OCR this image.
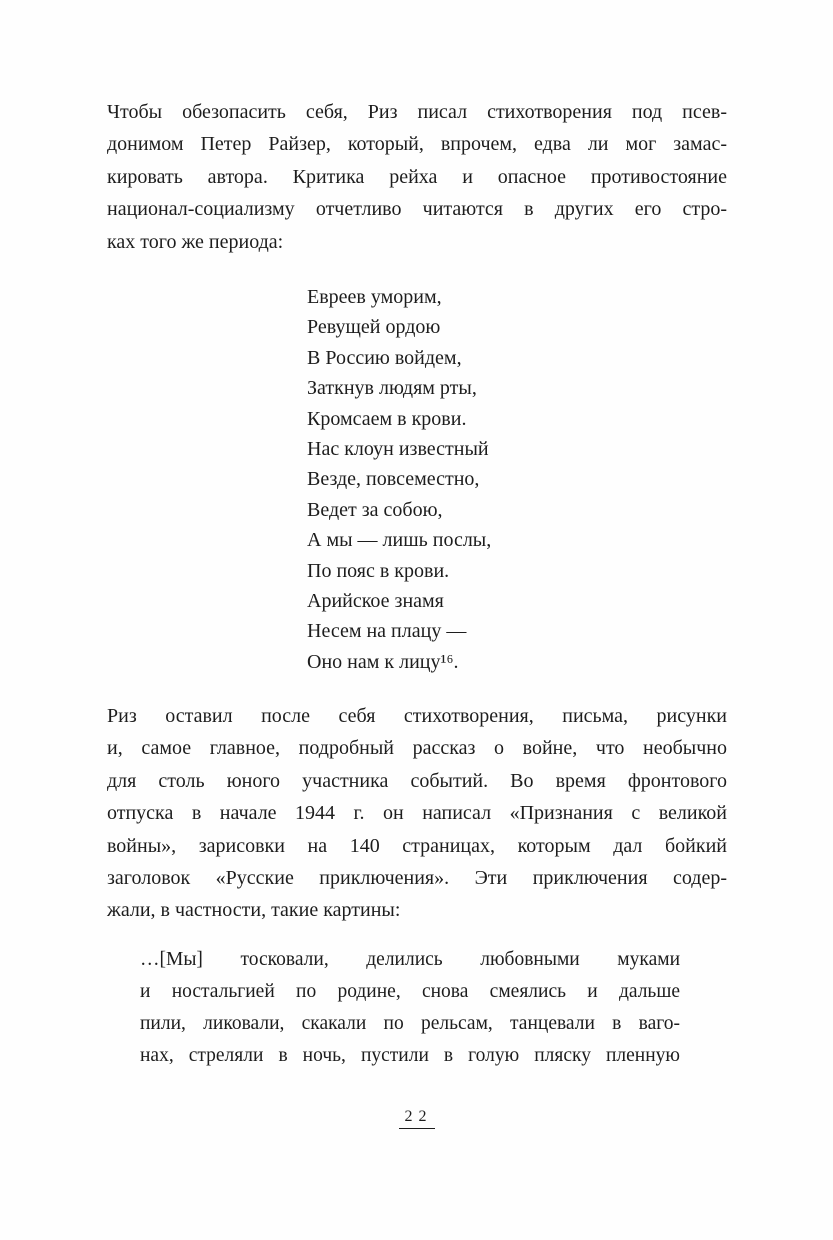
Чтобы обезопасить себя, Риз писал стихотворения под псев-
донимом Петер Райзер, который, впрочем, едва ли мог замас-
кировать автора. Критика рейха и опасное противостояние
национал-социализму отчетливо читаются в других его стро-
ках того же периода:
Евреев уморим,
Ревущей ордою
В Россию войдем,
Заткнув людям рты,
Кромсаем в крови.
Нас клоун известный
Везде, повсеместно,
Ведет за собою,
А мы — лишь послы,
По пояс в крови.
Арийское знамя
Несем на плацу —
Оно нам к лицу¹⁶.
Риз оставил после себя стихотворения, письма, рисунки
и, самое главное, подробный рассказ о войне, что необычно
для столь юного участника событий. Во время фронтового
отпуска в начале 1944 г. он написал «Признания с великой
войны», зарисовки на 140 страницах, которым дал бойкий
заголовок «Русские приключения». Эти приключения содер-
жали, в частности, такие картины:
…[Мы] тосковали, делились любовными муками
и ностальгией по родине, снова смеялись и дальше
пили, ликовали, скакали по рельсам, танцевали в ваго-
нах, стреляли в ночь, пустили в голую пляску пленную
22
